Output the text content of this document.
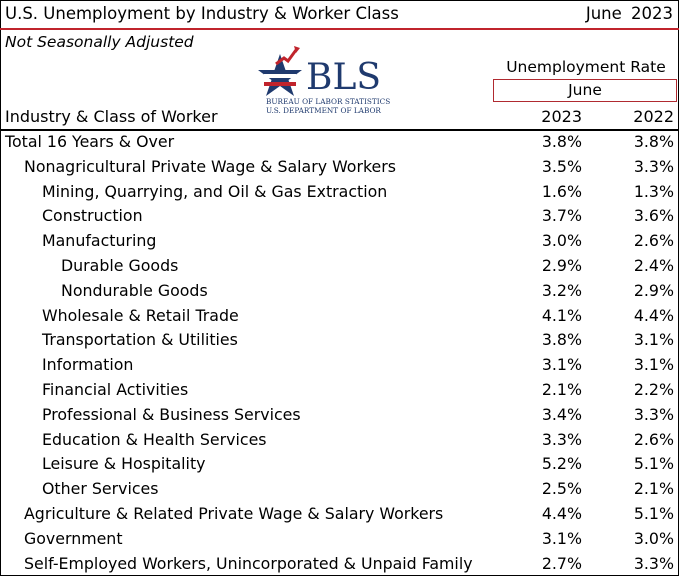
U.S. Unemployment by Industry & Worker Class	June 2023
Not Seasonally Adjusted
BLS
BUREAU OF LABOR STATISTICS
U.S. DEPARTMENT OF LABOR
Unemployment Rate
June
Industry & Class of Worker	2023	2022
Total 16 Years & Over	3.8%	3.8%
Nonagricultural Private Wage & Salary Workers	3.5%	3.3%
Mining, Quarrying, and Oil & Gas Extraction	1.6%	1.3%
Construction	3.7%	3.6%
Manufacturing	3.0%	2.6%
Durable Goods	2.9%	2.4%
Nondurable Goods	3.2%	2.9%
Wholesale & Retail Trade	4.1%	4.4%
Transportation & Utilities	3.8%	3.1%
Information	3.1%	3.1%
Financial Activities	2.1%	2.2%
Professional & Business Services	3.4%	3.3%
Education & Health Services	3.3%	2.6%
Leisure & Hospitality	5.2%	5.1%
Other Services	2.5%	2.1%
Agriculture & Related Private Wage & Salary Workers	4.4%	5.1%
Government	3.1%	3.0%
Self-Employed Workers, Unincorporated & Unpaid Family	2.7%	3.3%
